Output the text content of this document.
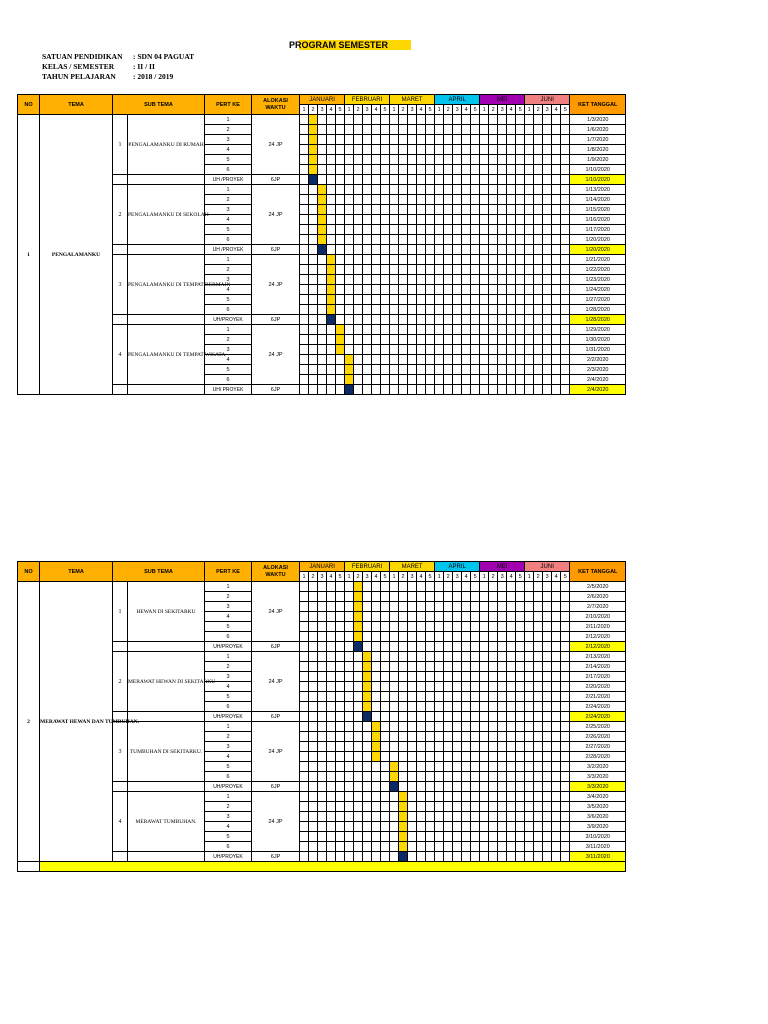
PROGRAM SEMESTER
SATUAN PENDIDIKAN : SDN 04 PAGUAT
KELAS / SEMESTER	: II / II
TAHUN PELAJARAN : 2018 / 2019
NO	TEMA	SUB TEMA		PERT KE	ALOKASI
WAKTU	JANUARI					FEBRUARI					MARET					APRIL					MEI					JUNI					KET TANGGAL
						1	2	3	4	5	1	2	3	4	5	1	2	3	4	5	1	2	3	4	5	1	2	3	4	5	1	2	3	4	5	
1	PENGALAMANKU	1	PENGALAMANKU DI RUMAH	1	24 JP																															1/3/2020
				2																																1/6/2020
				3																																1/7/2020
				4																																1/8/2020
				5																																1/9/2020
				6																																1/10/2020
				UH /PROYEK	6JP																															1/10/2020
		2	PENGALAMANKU DI SEKOLAH	1	24 JP																															1/13/2020
				2																																1/14/2020
				3																																1/15/2020
				4																																1/16/2020
				5																																1/17/2020
				6																																1/20/2020
				UH /PROYEK	6JP																															1/20/2020
		3	PENGALAMANKU DI TEMPAT BERMAIN	1	24 JP																															1/21/2020
				2																																1/22/2020
				3																																1/23/2020
				4																																1/24/2020
				5																																1/27/2020
				6																																1/28/2020
				UH/PROYEK	6JP																															1/28/2020
		4	PENGALAMANKU DI TEMPAT WISATA	1	24 JP																															1/29/2020
				2																																1/30/2020
				3																																1/31/2020
				4																																2/2/2020
				5																																2/3/2020
				6																																2/4/2020
				UH/ PROYEK	6JP																															2/4/2020
NO	TEMA	SUB TEMA		PERT KE	ALOKASI
WAKTU	JANUARI					FEBRUARI					MARET					APRIL					MEI					JUNI					KET TANGGAL
						1	2	3	4	5	1	2	3	4	5	1	2	3	4	5	1	2	3	4	5	1	2	3	4	5	1	2	3	4	5	
2	MERAWAT HEWAN DAN TUMBUHAN.	1	HEWAN DI SEKITARKU	1	24 JP																															2/5/2020
				2																																2/6/2020
				3																																2/7/2020
				4																																2/10/2020
				5																																2/11/2020
				6																																2/12/2020
				UH/PROYEK	6JP																															2/12/2020
		2	MERAWAT HEWAN DI SEKITARKU	1	24 JP																															2/13/2020
				2																																2/14/2020
				3																																2/17/2020
				4																																2/20/2020
				5																																2/21/2020
				6																																2/24/2020
				UH/PROYEK	6JP																															2/24/2020
		3	TUMBUHAN DI SEKITARKU.	1	24 JP																															2/25/2020
				2																																2/26/2020
				3																																2/27/2020
				4																																2/28/2020
				5																																3/2/2020
				6																																3/3/2020
				UH/PROYEK	6JP																															3/3/2020
		4	MERAWAT TUMBUHAN.	1	24 JP																															3/4/2020
				2																																3/5/2020
				3																																3/6/2020
				4																																3/9/2020
				5																																3/10/2020
				6																																3/11/2020
				UH/PROYEK	6JP																															3/11/2020
